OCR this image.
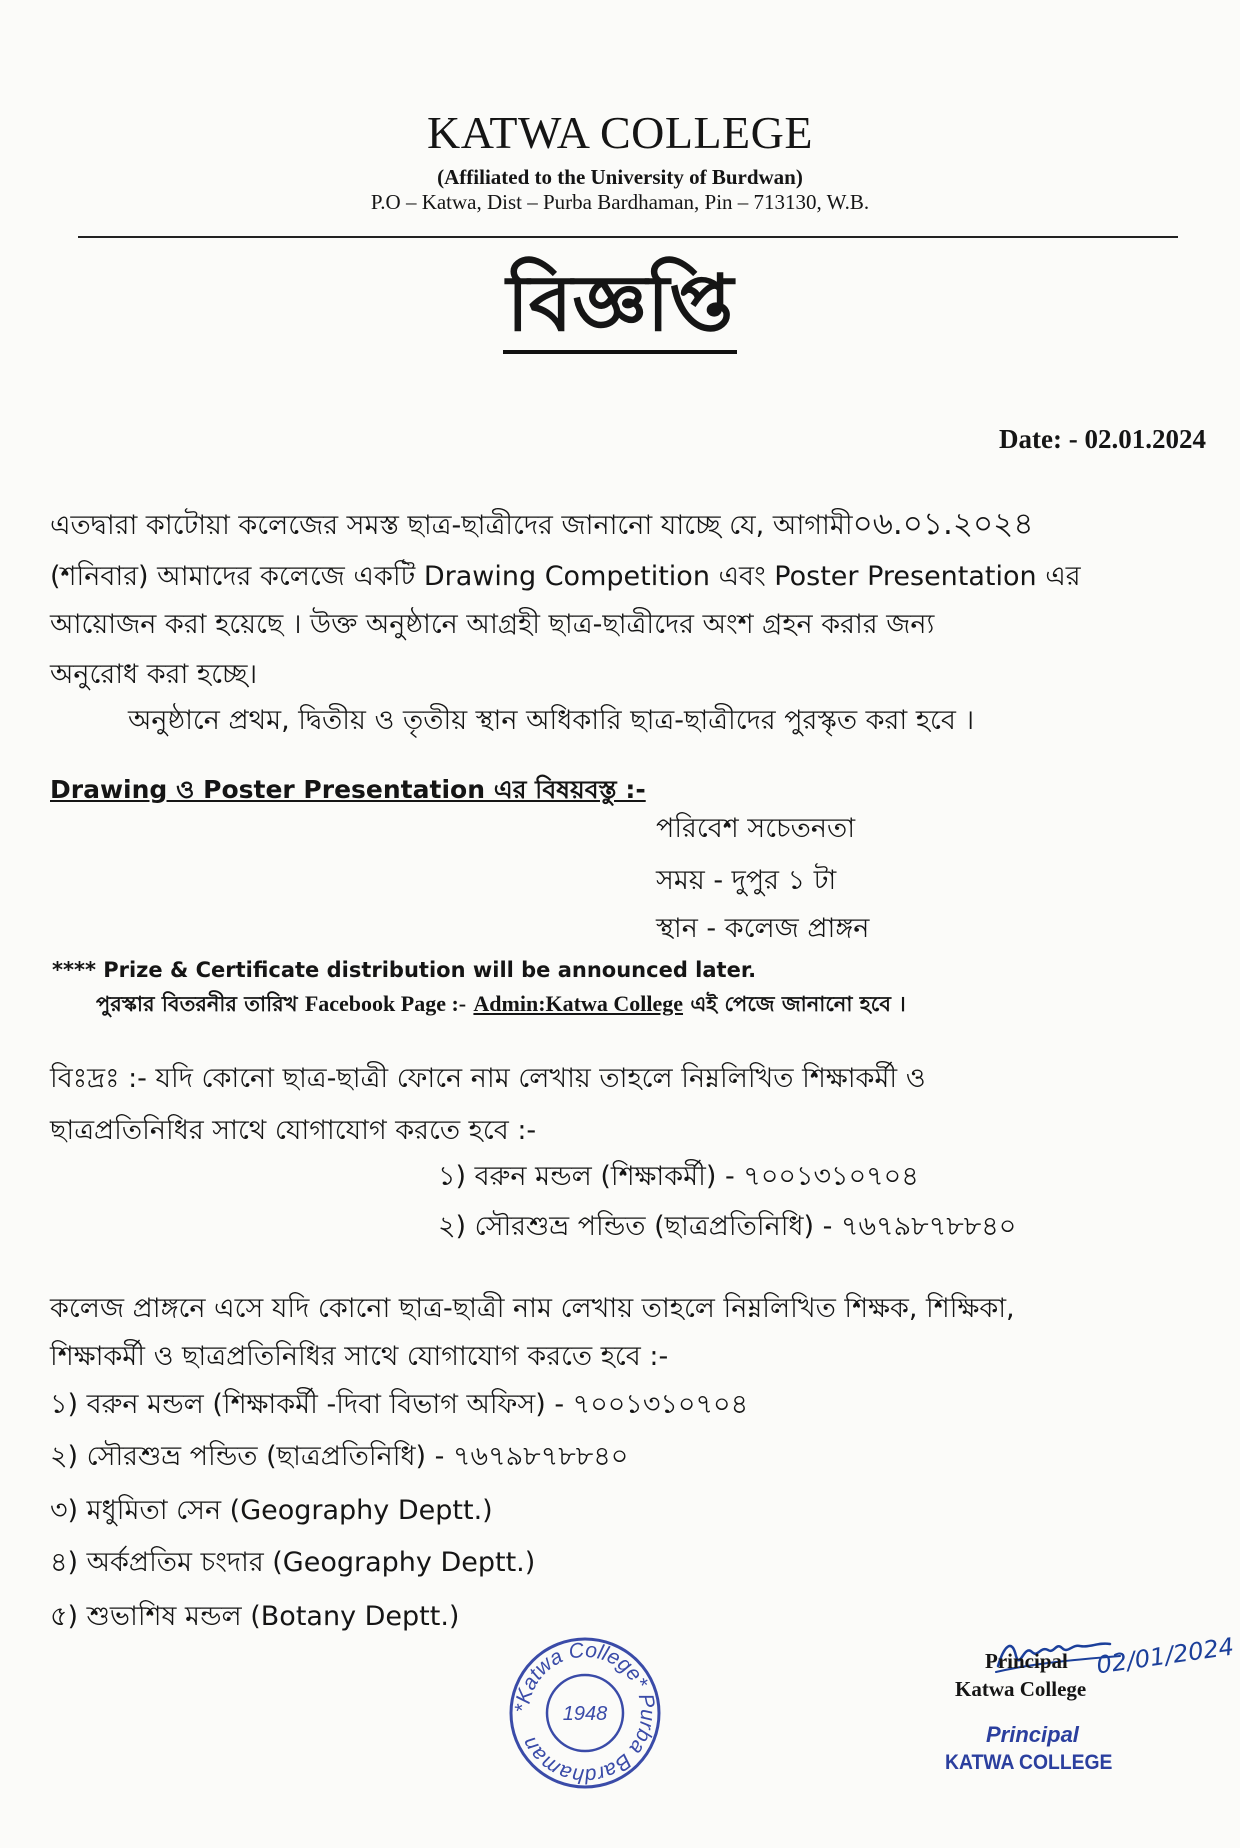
KATWA COLLEGE
(Affiliated to the University of Burdwan)
P.O – Katwa, Dist – Purba Bardhaman, Pin – 713130, W.B.
বিজ্ঞপ্তি
Date: - 02.01.2024
এতদ্বারা কাটোয়া কলেজের সমস্ত ছাত্র-ছাত্রীদের জানানো যাচ্ছে যে, আগামী০৬.০১.২০২৪
(শনিবার) আমাদের কলেজে একটি Drawing Competition এবং Poster Presentation এর
আয়োজন করা হয়েছে । উক্ত অনুষ্ঠানে আগ্রহী ছাত্র-ছাত্রীদের অংশ গ্রহন করার জন্য
অনুরোধ করা হচ্ছে।
অনুষ্ঠানে প্রথম, দ্বিতীয় ও তৃতীয় স্থান অধিকারি ছাত্র-ছাত্রীদের পুরস্কৃত করা হবে ।
Drawing ও Poster Presentation এর বিষয়বস্তু :-
পরিবেশ সচেতনতা
সময় - দুপুর ১ টা
স্থান - কলেজ প্রাঙ্গন
**** Prize & Certificate distribution will be announced later.
পুরস্কার বিতরনীর তারিখ Facebook Page :- Admin:Katwa College এই পেজে জানানো হবে ।
বিঃদ্রঃ :- যদি কোনো ছাত্র-ছাত্রী ফোনে নাম লেখায় তাহলে নিম্নলিখিত শিক্ষাকর্মী ও
ছাত্রপ্রতিনিধির সাথে যোগাযোগ করতে হবে :-
১) বরুন মন্ডল (শিক্ষাকর্মী) - ৭০০১৩১০৭০৪
২) সৌরশুভ্র পন্ডিত (ছাত্রপ্রতিনিধি) - ৭৬৭৯৮৭৮৮৪০
কলেজ প্রাঙ্গনে এসে যদি কোনো ছাত্র-ছাত্রী নাম লেখায় তাহলে নিম্নলিখিত শিক্ষক, শিক্ষিকা,
শিক্ষাকর্মী ও ছাত্রপ্রতিনিধির সাথে যোগাযোগ করতে হবে :-
১) বরুন মন্ডল (শিক্ষাকর্মী -দিবা বিভাগ অফিস) - ৭০০১৩১০৭০৪
২) সৌরশুভ্র পন্ডিত (ছাত্রপ্রতিনিধি) - ৭৬৭৯৮৭৮৮৪০
৩) মধুমিতা সেন (Geography Deptt.)
৪) অর্কপ্রতিম চংদার (Geography Deptt.)
৫) শুভাশিষ মন্ডল (Botany Deptt.)
*Katwa College* Purba Bardhaman
1948
02/01/2024
Principal
Katwa College
Principal
KATWA COLLEGE
